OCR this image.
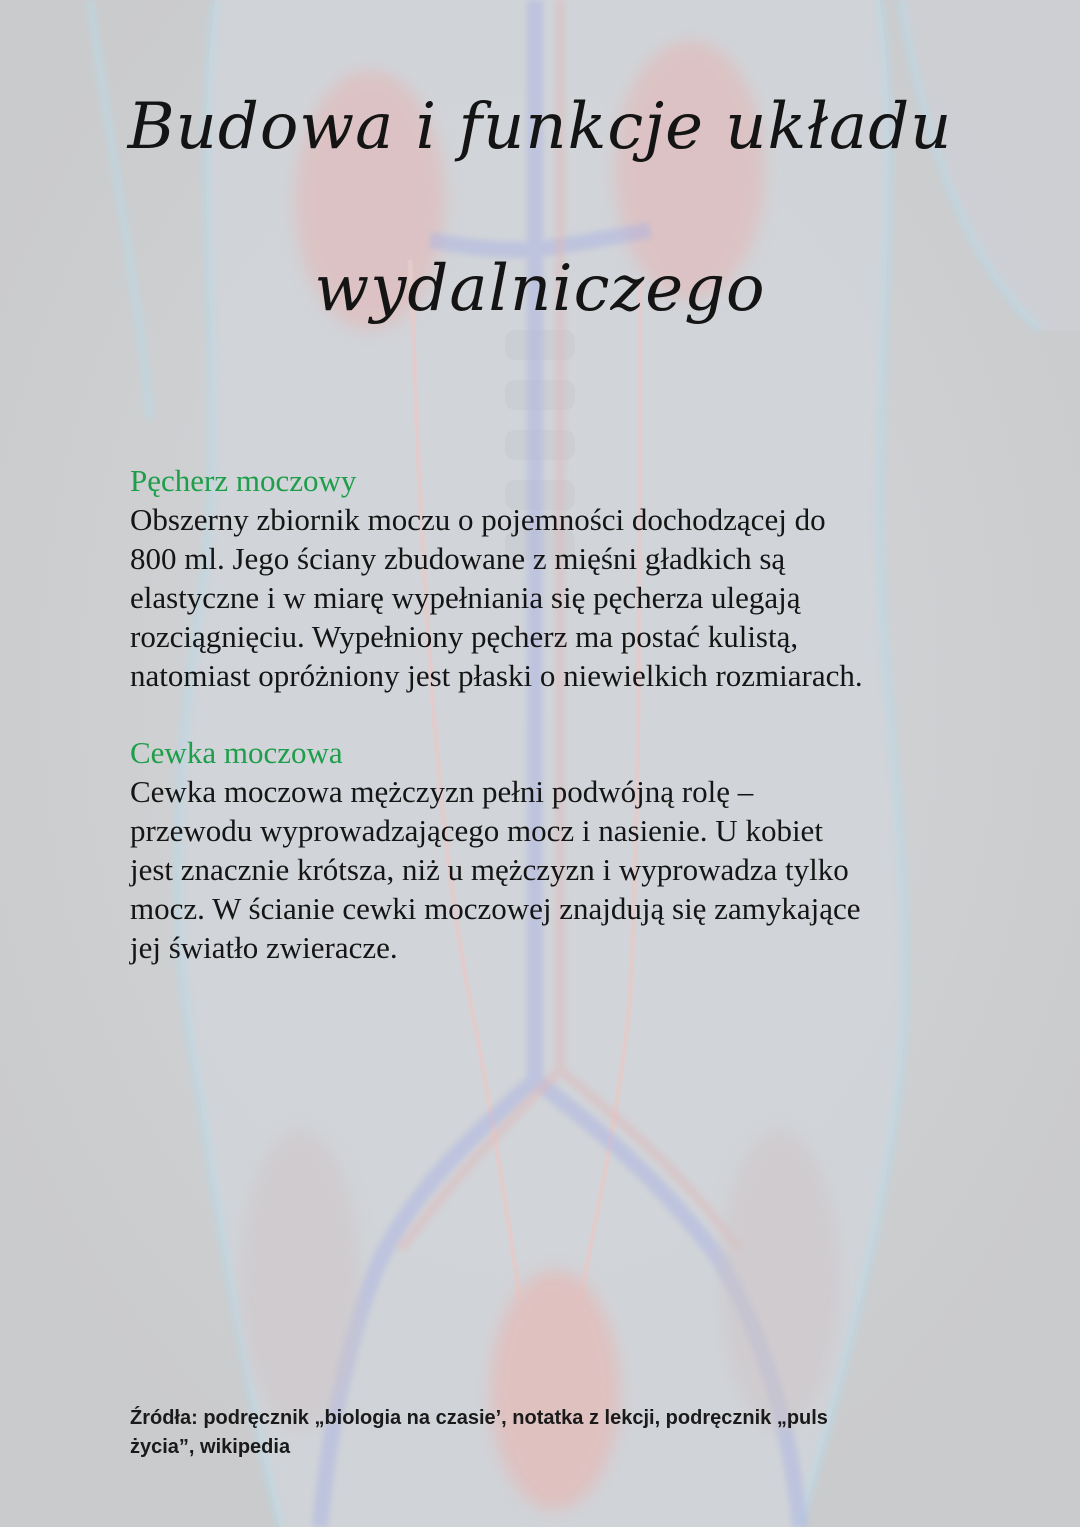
Budowa i funkcje układu
wydalniczego

Pęcherz moczowy

Obszerny zbiornik moczu o pojemności dochodzącej do

800 ml. Jego ściany zbudowane z mięśni gładkich są

elastyczne i w miarę wypełniania się pęcherza ulegają

rozciągnięciu. Wypełniony pęcherz ma postać kulistą,

natomiast opróżniony jest płaski o niewielkich rozmiarach.

Cewka moczowa

Cewka moczowa mężczyzn pełni podwójną rolę –

przewodu wyprowadzającego mocz i nasienie. U kobiet

jest znacznie krótsza, niż u mężczyzn i wyprowadza tylko

mocz. W ścianie cewki moczowej znajdują się zamykające

jej światło zwieracze.

Źródła: podręcznik „biologia na czasie’, notatka z lekcji, podręcznik „puls
życia”, wikipedia
